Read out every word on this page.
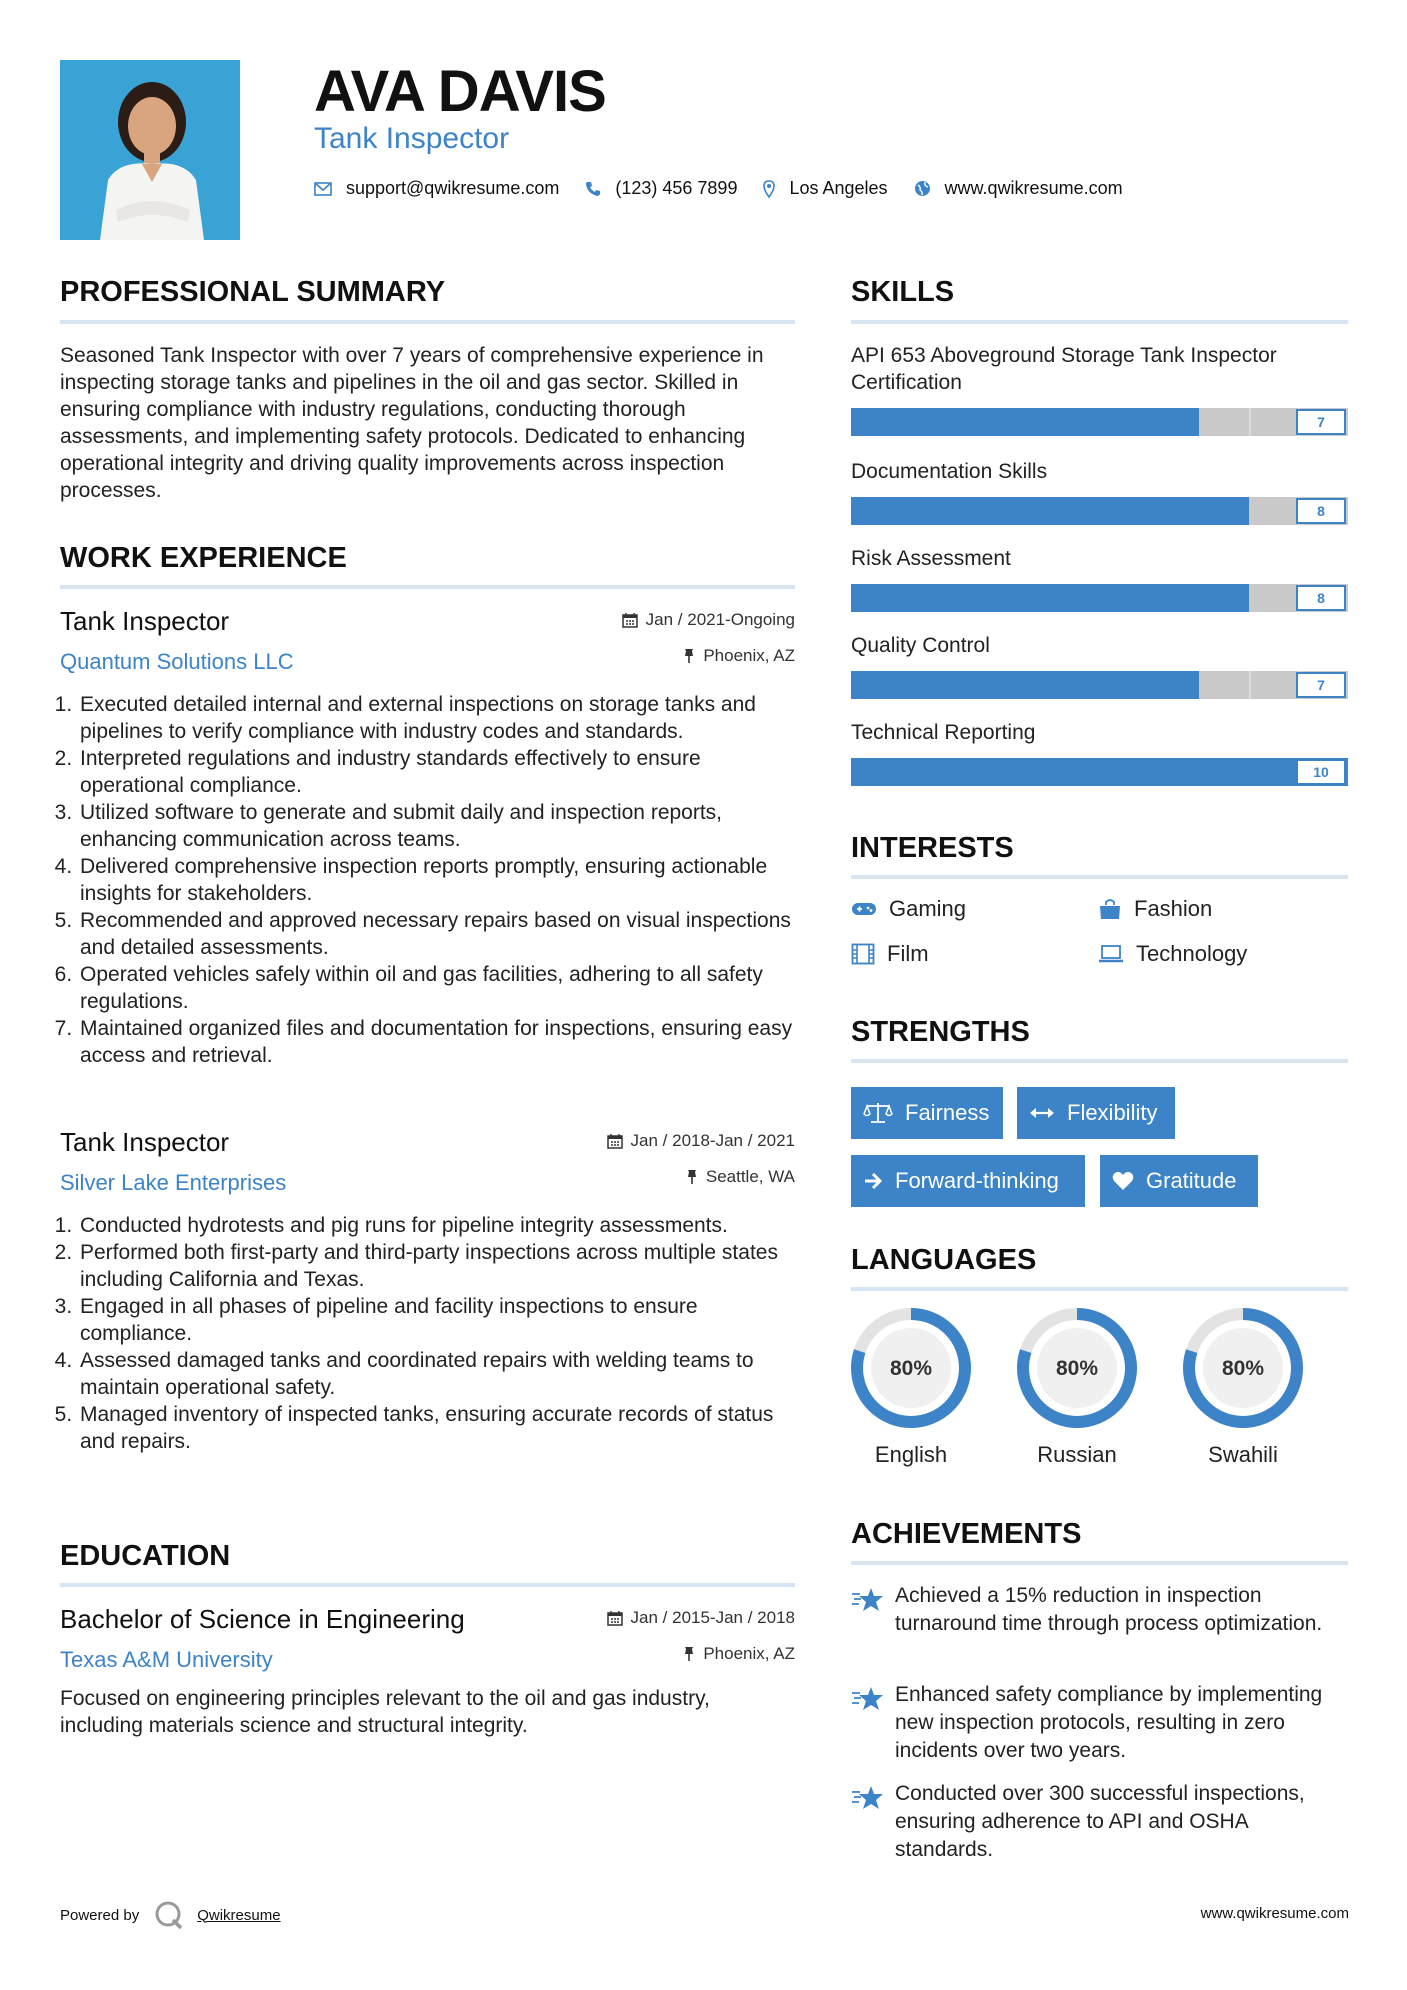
AVA DAVIS
Tank Inspector
support@qwikresume.com	(123) 456 7899	Los Angeles	www.qwikresume.com
PROFESSIONAL SUMMARY
Seasoned Tank Inspector with over 7 years of comprehensive experience in inspecting storage tanks and pipelines in the oil and gas sector. Skilled in ensuring compliance with industry regulations, conducting thorough assessments, and implementing safety protocols. Dedicated to enhancing operational integrity and driving quality improvements across inspection processes.
WORK EXPERIENCE
Tank Inspector
Quantum Solutions LLC
Jan / 2021-Ongoing
Phoenix, AZ
1. Executed detailed internal and external inspections on storage tanks and pipelines to verify compliance with industry codes and standards.
2. Interpreted regulations and industry standards effectively to ensure operational compliance.
3. Utilized software to generate and submit daily and inspection reports, enhancing communication across teams.
4. Delivered comprehensive inspection reports promptly, ensuring actionable insights for stakeholders.
5. Recommended and approved necessary repairs based on visual inspections and detailed assessments.
6. Operated vehicles safely within oil and gas facilities, adhering to all safety regulations.
7. Maintained organized files and documentation for inspections, ensuring easy access and retrieval.
Tank Inspector
Silver Lake Enterprises
Jan / 2018-Jan / 2021
Seattle, WA
1. Conducted hydrotests and pig runs for pipeline integrity assessments.
2. Performed both first-party and third-party inspections across multiple states including California and Texas.
3. Engaged in all phases of pipeline and facility inspections to ensure compliance.
4. Assessed damaged tanks and coordinated repairs with welding teams to maintain operational safety.
5. Managed inventory of inspected tanks, ensuring accurate records of status and repairs.
EDUCATION
Bachelor of Science in Engineering
Texas A&M University
Jan / 2015-Jan / 2018
Phoenix, AZ
Focused on engineering principles relevant to the oil and gas industry, including materials science and structural integrity.
SKILLS
API 653 Aboveground Storage Tank Inspector Certification
7
Documentation Skills
8
Risk Assessment
8
Quality Control
7
Technical Reporting
10
INTERESTS
Gaming	Fashion
Film	Technology
STRENGTHS
Fairness	Flexibility
Forward-thinking	Gratitude
LANGUAGES
80%
English
80%
Russian
80%
Swahili
ACHIEVEMENTS
Achieved a 15% reduction in inspection turnaround time through process optimization.
Enhanced safety compliance by implementing new inspection protocols, resulting in zero incidents over two years.
Conducted over 300 successful inspections, ensuring adherence to API and OSHA standards.
Powered by	Qwikresume	www.qwikresume.com
